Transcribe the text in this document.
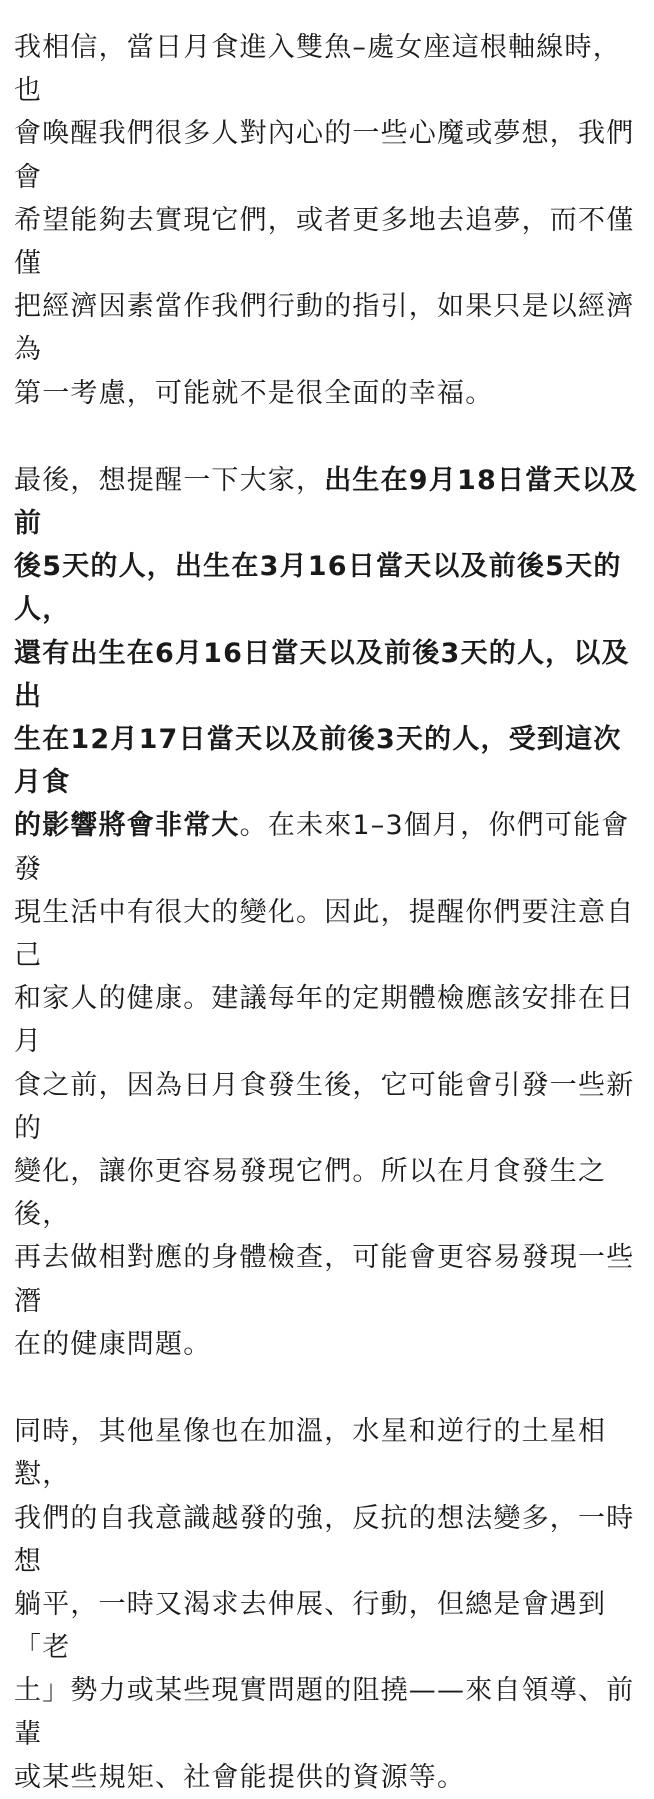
我相信，當日月食進入雙魚–處女座這根軸線時，也
會喚醒我們很多人對內心的一些心魔或夢想，我們會
希望能夠去實現它們，或者更多地去追夢，而不僅僅
把經濟因素當作我們行動的指引，如果只是以經濟為
第一考慮，可能就不是很全面的幸福。

最後，想提醒一下大家，出生在9月18日當天以及前
後5天的人，出生在3月16日當天以及前後5天的人，
還有出生在6月16日當天以及前後3天的人，以及出
生在12月17日當天以及前後3天的人，受到這次月食
的影響將會非常大。在未來1–3個月，你們可能會發
現生活中有很大的變化。因此，提醒你們要注意自己
和家人的健康。建議每年的定期體檢應該安排在日月
食之前，因為日月食發生後，它可能會引發一些新的
變化，讓你更容易發現它們。所以在月食發生之後，
再去做相對應的身體檢查，可能會更容易發現一些潛
在的健康問題。

同時，其他星像也在加溫，水星和逆行的土星相懟，
我們的自我意識越發的強，反抗的想法變多，一時想
躺平，一時又渴求去伸展、行動，但總是會遇到「老
土」勢力或某些現實問題的阻撓——來自領導、前輩
或某些規矩、社會能提供的資源等。
